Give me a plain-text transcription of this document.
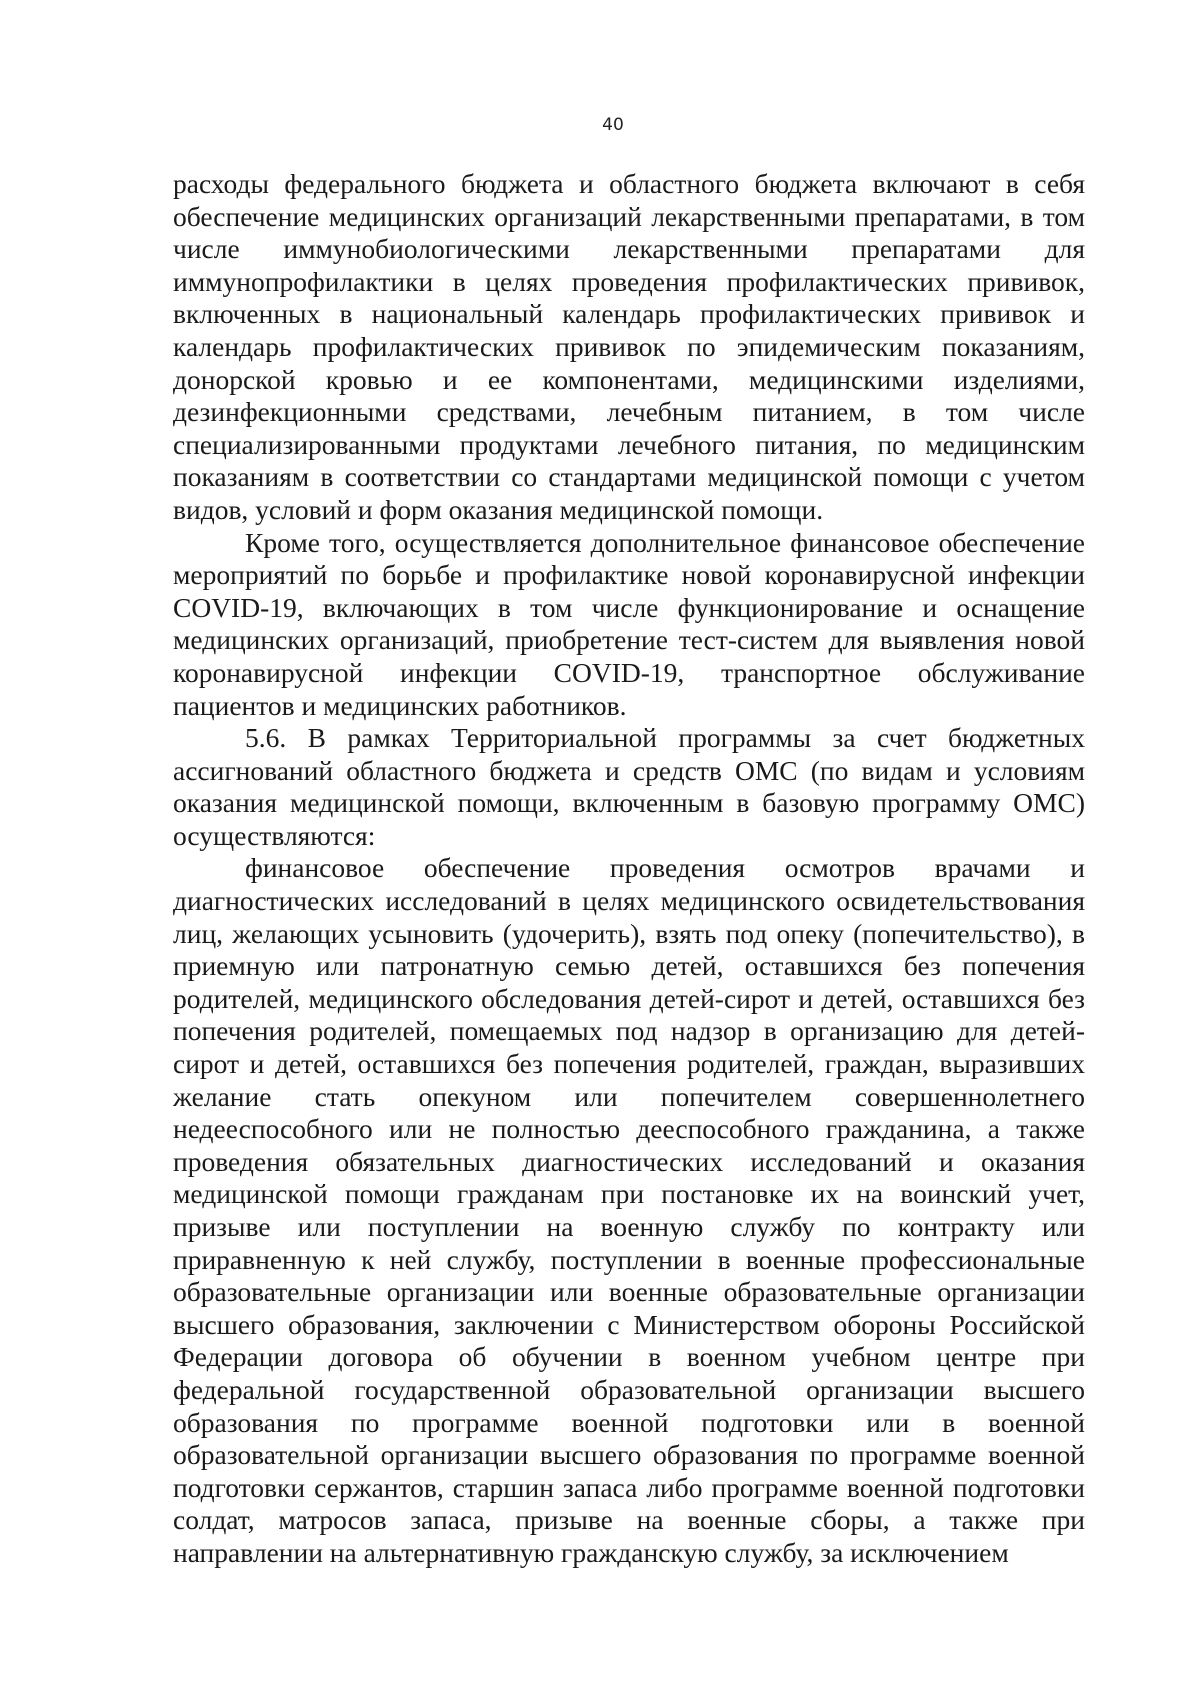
40

расходы федерального бюджета и областного бюджета включают в себя обеспечение медицинских организаций лекарственными препаратами, в том числе иммунобиологическими лекарственными препаратами для иммунопрофилактики в целях проведения профилактических прививок, включенных в национальный календарь профилактических прививок и календарь профилактических прививок по эпидемическим показаниям, донорской кровью и ее компонентами, медицинскими изделиями, дезинфекционными средствами, лечебным питанием, в том числе специализированными продуктами лечебного питания, по медицинским показаниям в соответствии со стандартами медицинской помощи с учетом видов, условий и форм оказания медицинской помощи.

Кроме того, осуществляется дополнительное финансовое обеспечение мероприятий по борьбе и профилактике новой коронавирусной инфекции COVID-19, включающих в том числе функционирование и оснащение медицинских организаций, приобретение тест-систем для выявления новой коронавирусной инфекции COVID-19, транспортное обслуживание пациентов и медицинских работников.

5.6. В рамках Территориальной программы за счет бюджетных ассигнований областного бюджета и средств ОМС (по видам и условиям оказания медицинской помощи, включенным в базовую программу ОМС) осуществляются:

финансовое обеспечение проведения осмотров врачами и диагностических исследований в целях медицинского освидетельствования лиц, желающих усыновить (удочерить), взять под опеку (попечительство), в приемную или патронатную семью детей, оставшихся без попечения родителей, медицинского обследования детей-сирот и детей, оставшихся без попечения родителей, помещаемых под надзор в организацию для детей-сирот и детей, оставшихся без попечения родителей, граждан, выразивших желание стать опекуном или попечителем совершеннолетнего недееспособного или не полностью дееспособного гражданина, а также проведения обязательных диагностических исследований и оказания медицинской помощи гражданам при постановке их на воинский учет, призыве или поступлении на военную службу по контракту или приравненную к ней службу, поступлении в военные профессиональные образовательные организации или военные образовательные организации высшего образования, заключении с Министерством обороны Российской Федерации договора об обучении в военном учебном центре при федеральной государственной образовательной организации высшего образования по программе военной подготовки или в военной образовательной организации высшего образования по программе военной подготовки сержантов, старшин запаса либо программе военной подготовки солдат, матросов запаса, призыве на военные сборы, а также при направлении на альтернативную гражданскую службу, за исключением
